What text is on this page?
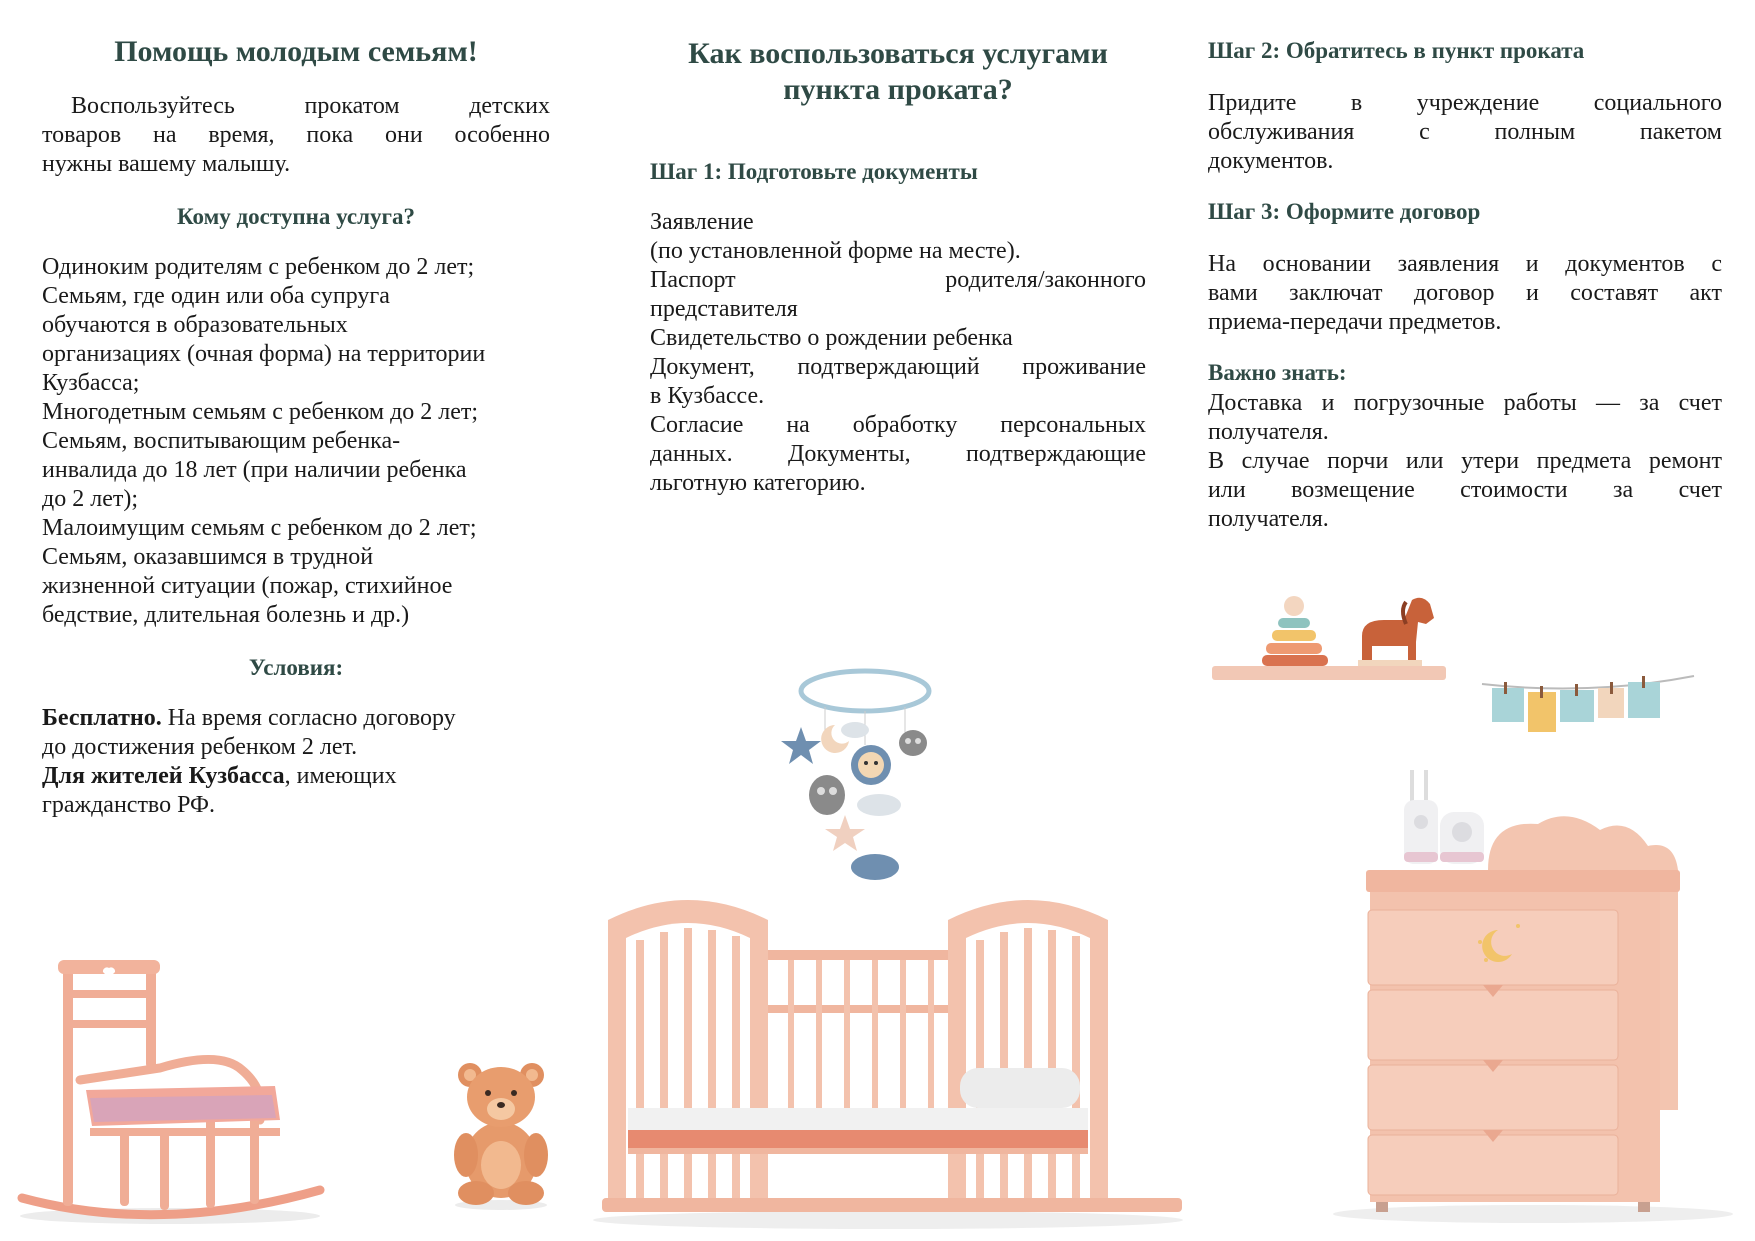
Помощь молодым семьям!
Воспользуйтесь прокатом детских
товаров на время, пока они особенно
нужны вашему малышу.
Кому доступна услуга?
Одиноким родителям с ребенком до 2 лет;
Семьям, где один или оба супруга
обучаются в образовательных
организациях (очная форма) на территории
Кузбасса;
Многодетным семьям с ребенком до 2 лет;
Семьям, воспитывающим ребенка-
инвалида до 18 лет (при наличии ребенка
до 2 лет);
Малоимущим семьям с ребенком до 2 лет;
Семьям, оказавшимся в трудной
жизненной ситуации (пожар, стихийное
бедствие, длительная болезнь и др.)
Условия:
Бесплатно. На время согласно договору
до достижения ребенком 2 лет.
Для жителей Кузбасса, имеющих
гражданство РФ.
Как воспользоваться услугами
пункта проката?
Шаг 1: Подготовьте документы
Заявление
(по установленной форме на месте).
Паспорт родителя/законного
представителя
Свидетельство о рождении ребенка
Документ, подтверждающий проживание
в Кузбассе.
Согласие на обработку персональных
данных. Документы, подтверждающие
льготную категорию.
Шаг 2: Обратитесь в пункт проката
Придите в учреждение социального
обслуживания с полным пакетом
документов.
Шаг 3: Оформите договор
На основании заявления и документов с
вами заключат договор и составят акт
приема-передачи предметов.
Важно знать:
Доставка и погрузочные работы — за счет
получателя.
В случае порчи или утери предмета ремонт
или возмещение стоимости за счет
получателя.
